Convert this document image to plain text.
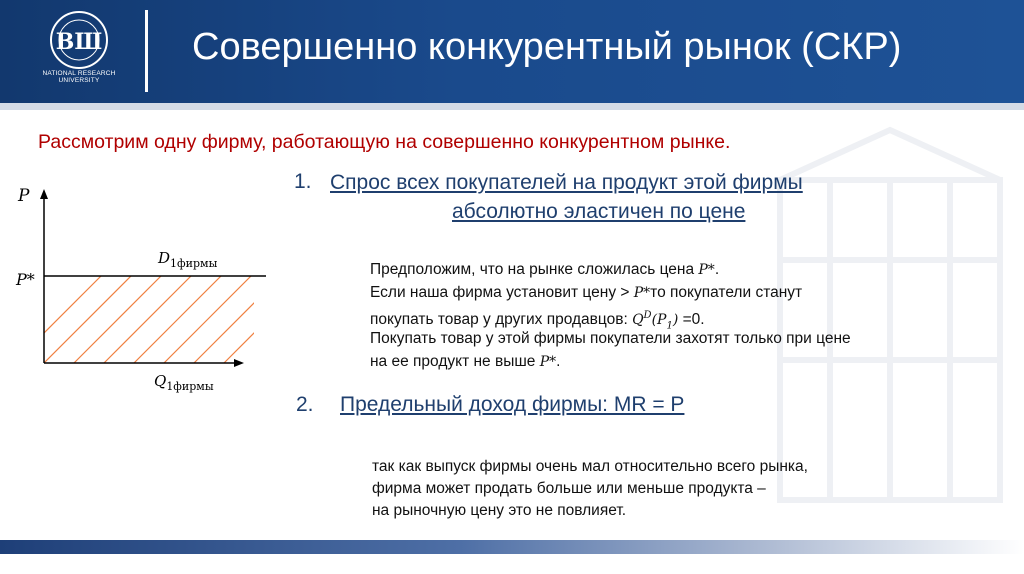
ВШ
NATIONAL RESEARCH
UNIVERSITY
Совершенно конкурентный рынок (СКР)
Рассмотрим одну фирму, работающую на совершенно конкурентном рынке.
P
P*
$D_{1фирмы}$
$Q_{1фирмы}$
1. Спрос всех покупателей на продукт этой фирмы
абсолютно эластичен по цене
Предположим, что на рынке сложилась цена P*.
Если наша фирма установит цену > P*то покупатели станут
покупать товар у других продавцов: $Q^D(P_1) =0$.
Покупать товар у этой фирмы покупатели захотят только при цене
на ее продукт не выше P*.
2. Предельный доход фирмы: MR = P
так как выпуск фирмы очень мал относительно всего рынка,
фирма может продать больше или меньше продукта –
на рыночную цену это не повлияет.
